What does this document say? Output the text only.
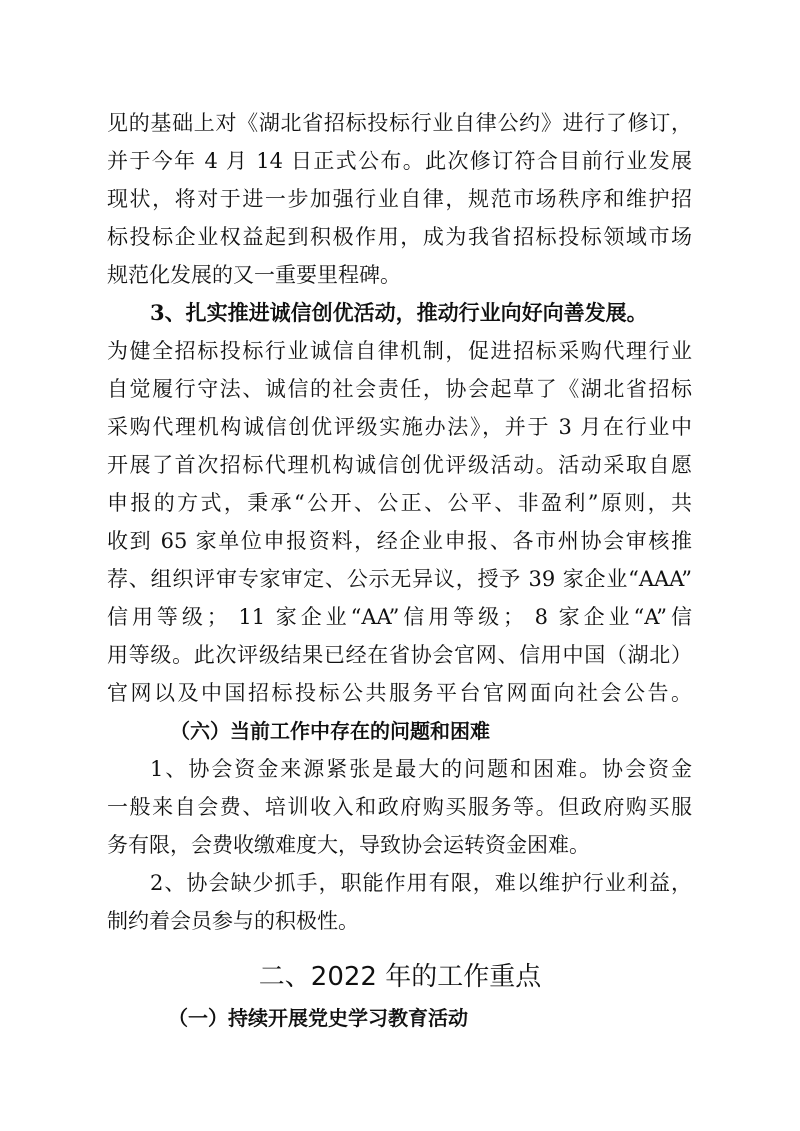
见的基础上对《湖北省招标投标行业自律公约》进行了修订，
并于今年 4 月 14 日正式公布。此次修订符合目前行业发展
现状，将对于进一步加强行业自律，规范市场秩序和维护招
标投标企业权益起到积极作用，成为我省招标投标领域市场
规范化发展的又一重要里程碑。
3、扎实推进诚信创优活动，推动行业向好向善发展。
为健全招标投标行业诚信自律机制，促进招标采购代理行业
自觉履行守法、诚信的社会责任，协会起草了《湖北省招标
采购代理机构诚信创优评级实施办法》，并于 3 月在行业中
开展了首次招标代理机构诚信创优评级活动。活动采取自愿
申报的方式，秉承“公开、公正、公平、非盈利”原则，共
收到 65 家单位申报资料，经企业申报、各市州协会审核推
荐、组织评审专家审定、公示无异议，授予 39 家企业“AAA”
信用等级； 11 家企业“AA”信用等级； 8 家企业“A”信
用等级。此次评级结果已经在省协会官网、信用中国（湖北）
官网以及中国招标投标公共服务平台官网面向社会公告。
（六）当前工作中存在的问题和困难
1、协会资金来源紧张是最大的问题和困难。协会资金
一般来自会费、培训收入和政府购买服务等。但政府购买服
务有限，会费收缴难度大，导致协会运转资金困难。
2、协会缺少抓手，职能作用有限，难以维护行业利益，
制约着会员参与的积极性。
二、2022 年的工作重点
（一）持续开展党史学习教育活动
